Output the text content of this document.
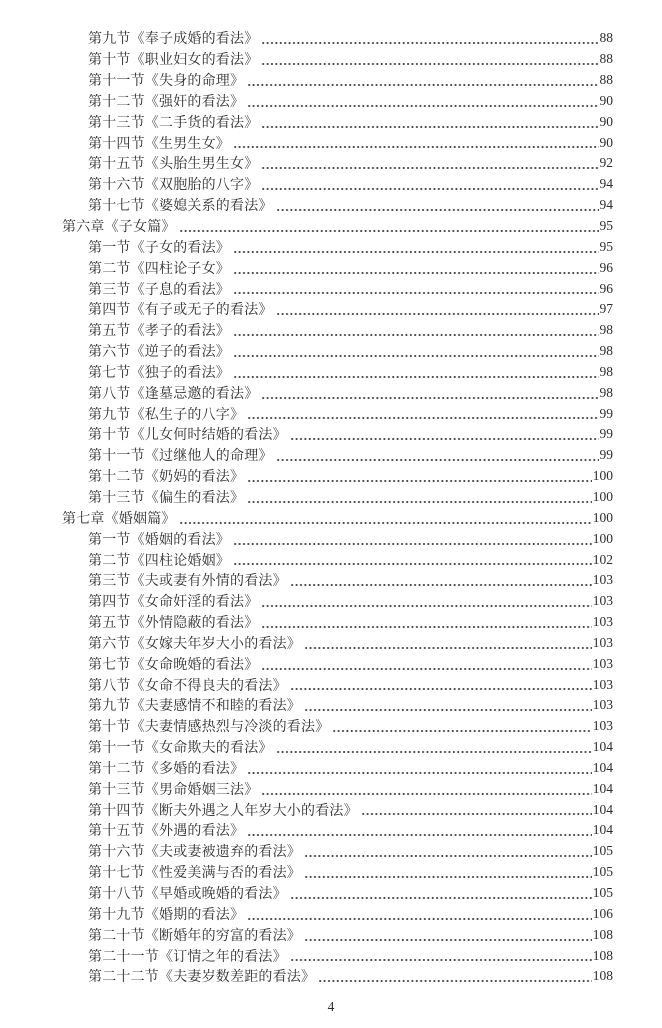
第九节《奉子成婚的看法》	88
第十节《职业妇女的看法》	88
第十一节《失身的命理》	88
第十二节《强奸的看法》	90
第十三节《二手货的看法》	90
第十四节《生男生女》	90
第十五节《头胎生男生女》	92
第十六节《双胞胎的八字》	94
第十七节《婆媳关系的看法》	94
第六章《子女篇》	95
第一节《子女的看法》	95
第二节《四柱论子女》	96
第三节《子息的看法》	96
第四节《有子或无子的看法》	97
第五节《孝子的看法》	98
第六节《逆子的看法》	98
第七节《独子的看法》	98
第八节《逢墓忌邀的看法》	98
第九节《私生子的八字》	99
第十节《儿女何时结婚的看法》	99
第十一节《过继他人的命理》	99
第十二节《奶妈的看法》	100
第十三节《偏生的看法》	100
第七章《婚姻篇》	100
第一节《婚姻的看法》	100
第二节《四柱论婚姻》	102
第三节《夫或妻有外情的看法》	103
第四节《女命奸淫的看法》	103
第五节《外情隐蔽的看法》	103
第六节《女嫁夫年岁大小的看法》	103
第七节《女命晚婚的看法》	103
第八节《女命不得良夫的看法》	103
第九节《夫妻感情不和睦的看法》	103
第十节《夫妻情感热烈与冷淡的看法》	103
第十一节《女命欺夫的看法》	104
第十二节《多婚的看法》	104
第十三节《男命婚姻三法》	104
第十四节《断夫外遇之人年岁大小的看法》	104
第十五节《外遇的看法》	104
第十六节《夫或妻被遗弃的看法》	105
第十七节《性爱美满与否的看法》	105
第十八节《早婚或晚婚的看法》	105
第十九节《婚期的看法》	106
第二十节《断婚年的穷富的看法》	108
第二十一节《订情之年的看法》	108
第二十二节《夫妻岁数差距的看法》	108
4
